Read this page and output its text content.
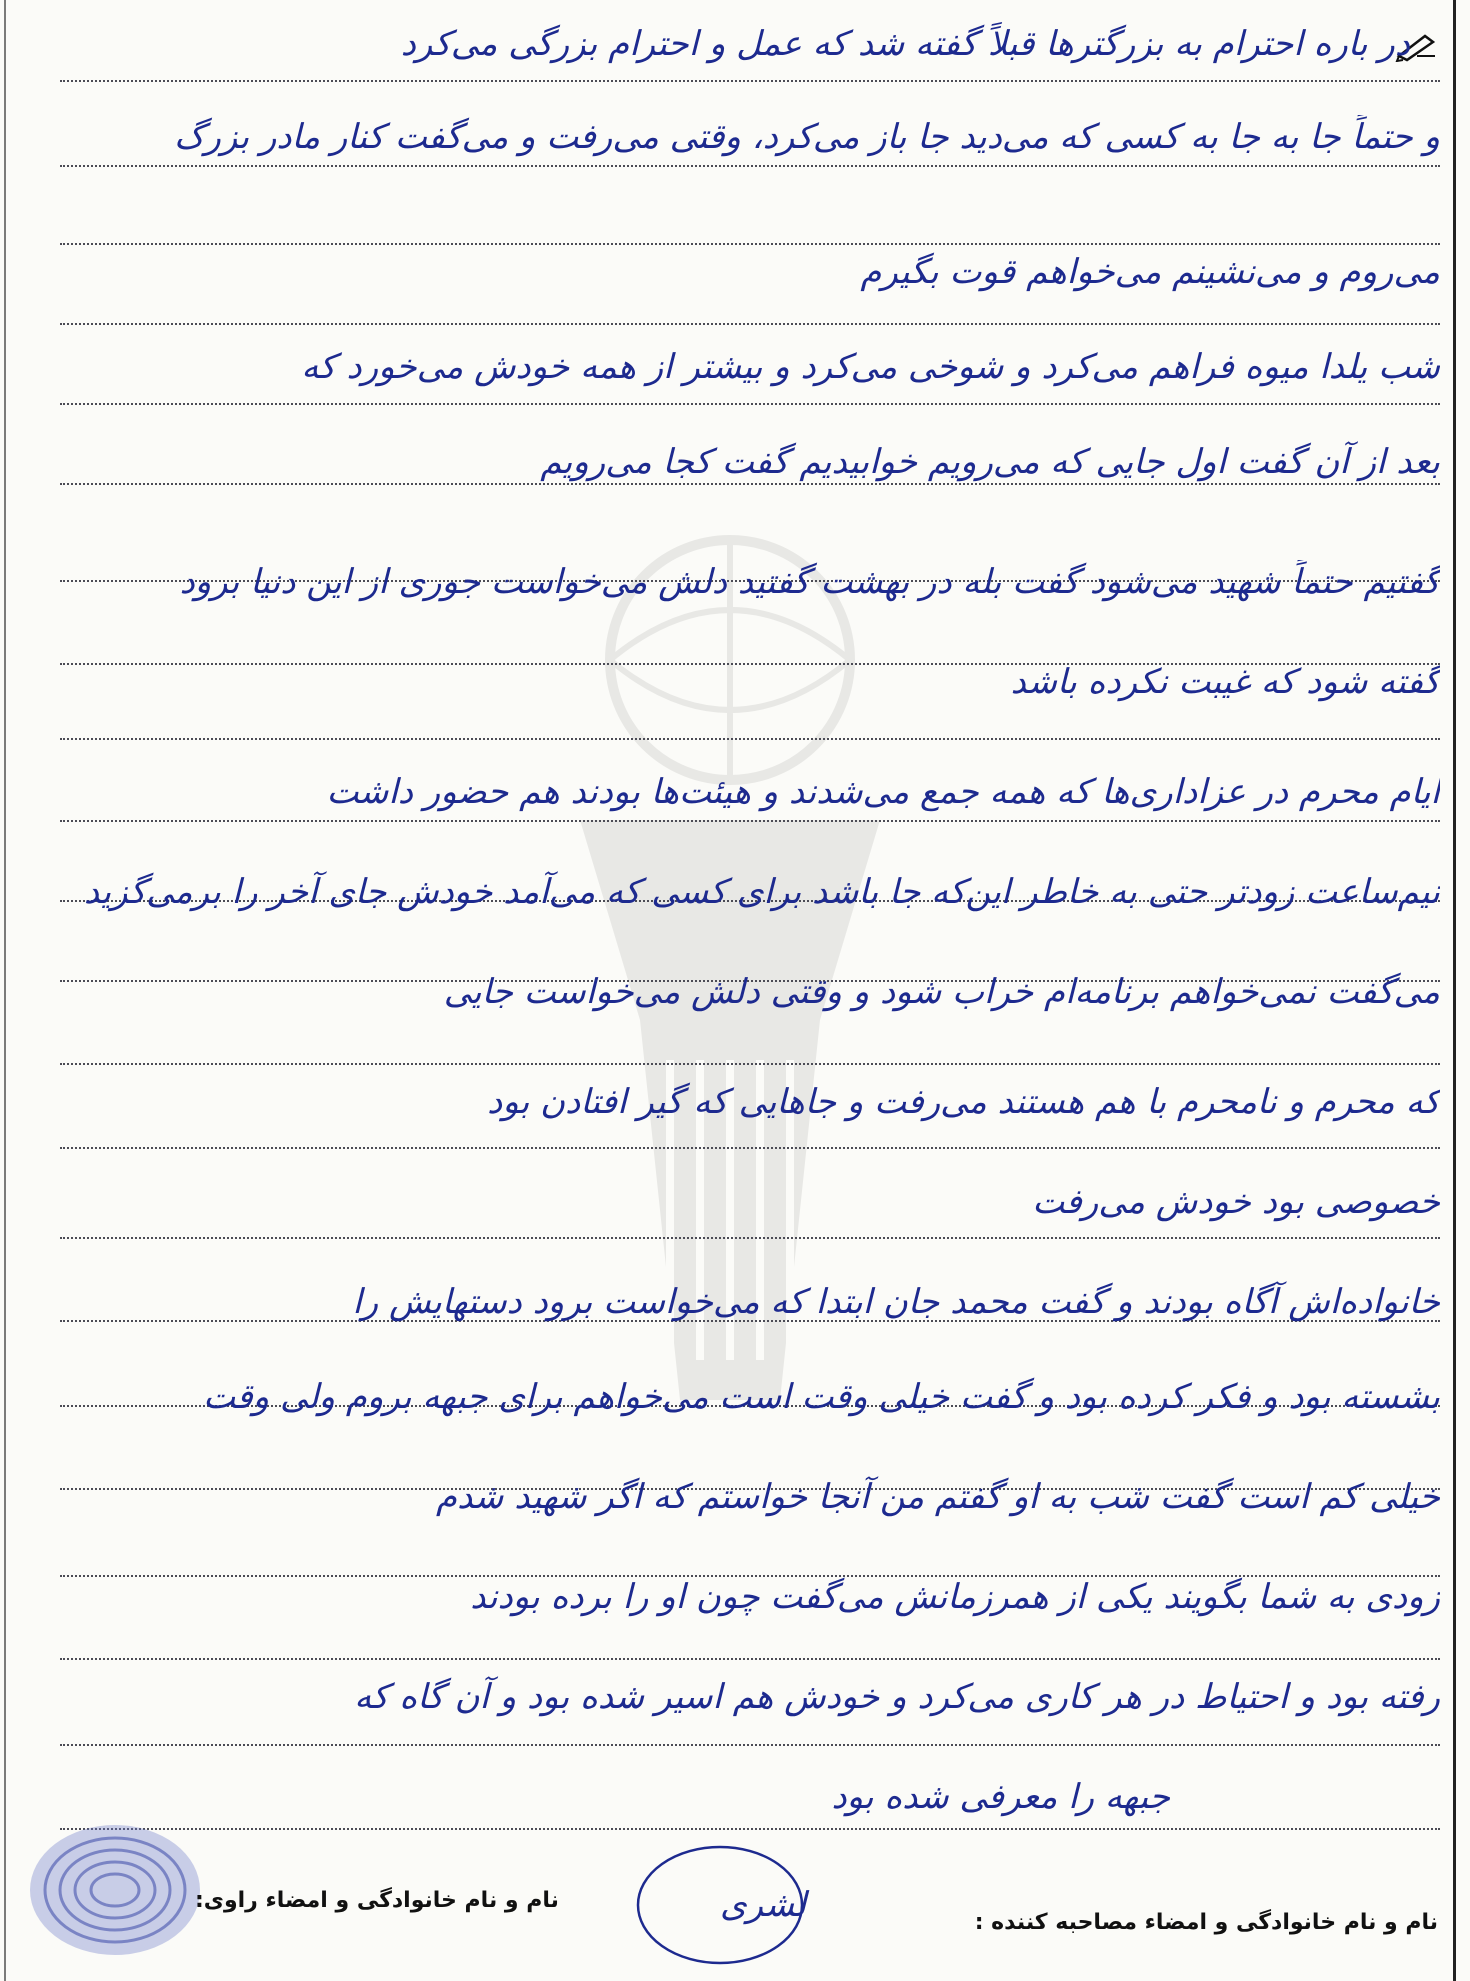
در باره احترام به بزرگترها قبلاً گفته شد که عمل و احترام بزرگی می‌کرد
و حتماً جا به جا به کسی که می‌دید جا باز می‌کرد، وقتی می‌رفت و می‌گفت کنار مادر بزرگ
می‌روم و می‌نشینم می‌خواهم قوت بگیرم
شب یلدا میوه فراهم می‌کرد و شوخی می‌کرد و بیشتر از همه خودش می‌خورد که
بعد از آن گفت اول جایی که می‌رویم خوابیدیم گفت کجا می‌رویم
گفتیم حتماً شهید می‌شود گفت بله در بهشت گفتید دلش می‌خواست جوری از این دنیا برود
گفته شود که غیبت نکرده باشد
ایام محرم در عزاداری‌ها که همه جمع می‌شدند و هیئت‌ها بودند هم حضور داشت
نیم‌ساعت زودتر حتی به خاطر این‌که جا باشد برای کسی که می‌آمد خودش جای آخر را برمی‌گزید
می‌گفت نمی‌خواهم برنامه‌ام خراب شود و وقتی دلش می‌خواست جایی
که محرم و نامحرم با هم هستند می‌رفت و جاهایی که گیر افتادن بود
خصوصی بود خودش می‌رفت
خانواده‌اش آگاه بودند و گفت محمد جان ابتدا که می‌خواست برود دستهایش را
بشسته بود و فکر کرده بود و گفت خیلی وقت است می‌خواهم برای جبهه بروم ولی وقت
خیلی کم است گفت شب به او گفتم من آنجا خواستم که اگر شهید شدم
زودی به شما بگویند یکی از همرزمانش می‌گفت چون او را برده بودند
رفته بود و احتیاط در هر کاری می‌کرد و خودش هم اسیر شده بود و آن گاه که
جبهه را معرفی شده بود
لشری	نام و نام خانوادگی و امضاء مصاحبه کننده :
نام و نام خانوادگی و امضاء راوی:
